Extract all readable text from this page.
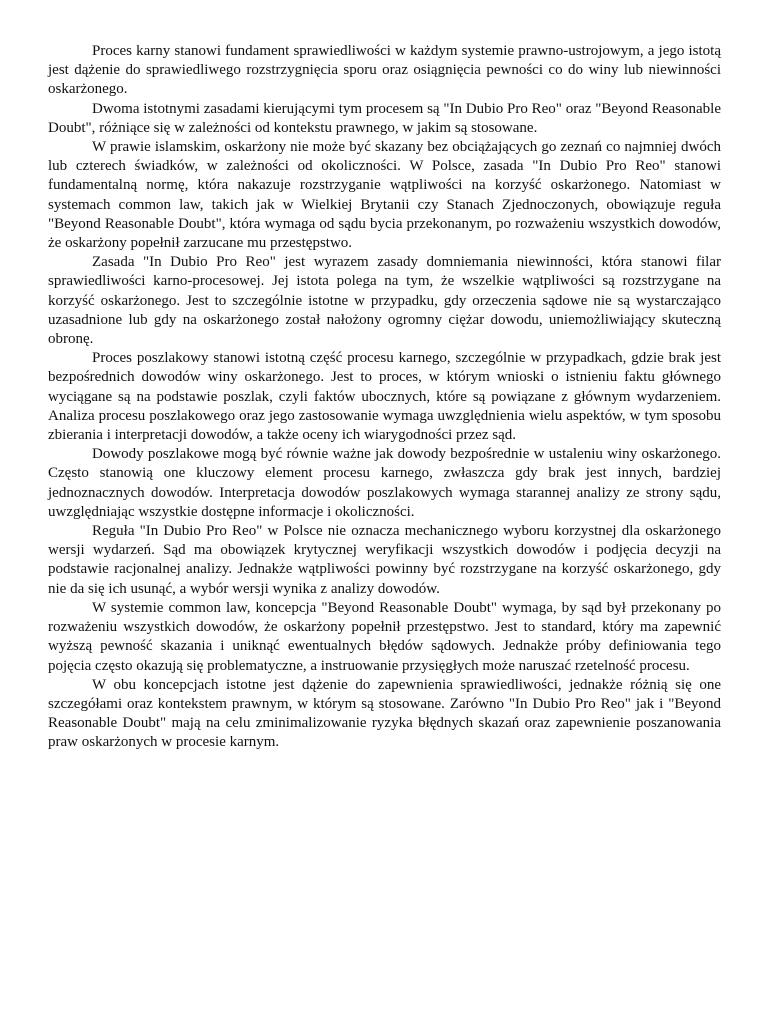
Proces karny stanowi fundament sprawiedliwości w każdym systemie prawno-ustrojowym, a jego istotą jest dążenie do sprawiedliwego rozstrzygnięcia sporu oraz osiągnięcia pewności co do winy lub niewinności oskarżonego.

Dwoma istotnymi zasadami kierującymi tym procesem są "In Dubio Pro Reo" oraz "Beyond Reasonable Doubt", różniące się w zależności od kontekstu prawnego, w jakim są stosowane.

W prawie islamskim, oskarżony nie może być skazany bez obciążających go zeznań co najmniej dwóch lub czterech świadków, w zależności od okoliczności. W Polsce, zasada "In Dubio Pro Reo" stanowi fundamentalną normę, która nakazuje rozstrzyganie wątpliwości na korzyść oskarżonego. Natomiast w systemach common law, takich jak w Wielkiej Brytanii czy Stanach Zjednoczonych, obowiązuje reguła "Beyond Reasonable Doubt", która wymaga od sądu bycia przekonanym, po rozważeniu wszystkich dowodów, że oskarżony popełnił zarzucane mu przestępstwo.

Zasada "In Dubio Pro Reo" jest wyrazem zasady domniemania niewinności, która stanowi filar sprawiedliwości karno-procesowej. Jej istota polega na tym, że wszelkie wątpliwości są rozstrzygane na korzyść oskarżonego. Jest to szczególnie istotne w przypadku, gdy orzeczenia sądowe nie są wystarczająco uzasadnione lub gdy na oskarżonego został nałożony ogromny ciężar dowodu, uniemożliwiający skuteczną obronę.

Proces poszlakowy stanowi istotną część procesu karnego, szczególnie w przypadkach, gdzie brak jest bezpośrednich dowodów winy oskarżonego. Jest to proces, w którym wnioski o istnieniu faktu głównego wyciągane są na podstawie poszlak, czyli faktów ubocznych, które są powiązane z głównym wydarzeniem. Analiza procesu poszlakowego oraz jego zastosowanie wymaga uwzględnienia wielu aspektów, w tym sposobu zbierania i interpretacji dowodów, a także oceny ich wiarygodności przez sąd.

Dowody poszlakowe mogą być równie ważne jak dowody bezpośrednie w ustaleniu winy oskarżonego. Często stanowią one kluczowy element procesu karnego, zwłaszcza gdy brak jest innych, bardziej jednoznacznych dowodów. Interpretacja dowodów poszlakowych wymaga starannej analizy ze strony sądu, uwzględniając wszystkie dostępne informacje i okoliczności.

Reguła "In Dubio Pro Reo" w Polsce nie oznacza mechanicznego wyboru korzystnej dla oskarżonego wersji wydarzeń. Sąd ma obowiązek krytycznej weryfikacji wszystkich dowodów i podjęcia decyzji na podstawie racjonalnej analizy. Jednakże wątpliwości powinny być rozstrzygane na korzyść oskarżonego, gdy nie da się ich usunąć, a wybór wersji wynika z analizy dowodów.

W systemie common law, koncepcja "Beyond Reasonable Doubt" wymaga, by sąd był przekonany po rozważeniu wszystkich dowodów, że oskarżony popełnił przestępstwo. Jest to standard, który ma zapewnić wyższą pewność skazania i uniknąć ewentualnych błędów sądowych. Jednakże próby definiowania tego pojęcia często okazują się problematyczne, a instruowanie przysięgłych może naruszać rzetelność procesu.

W obu koncepcjach istotne jest dążenie do zapewnienia sprawiedliwości, jednakże różnią się one szczegółami oraz kontekstem prawnym, w którym są stosowane. Zarówno "In Dubio Pro Reo" jak i "Beyond Reasonable Doubt" mają na celu zminimalizowanie ryzyka błędnych skazań oraz zapewnienie poszanowania praw oskarżonych w procesie karnym.
